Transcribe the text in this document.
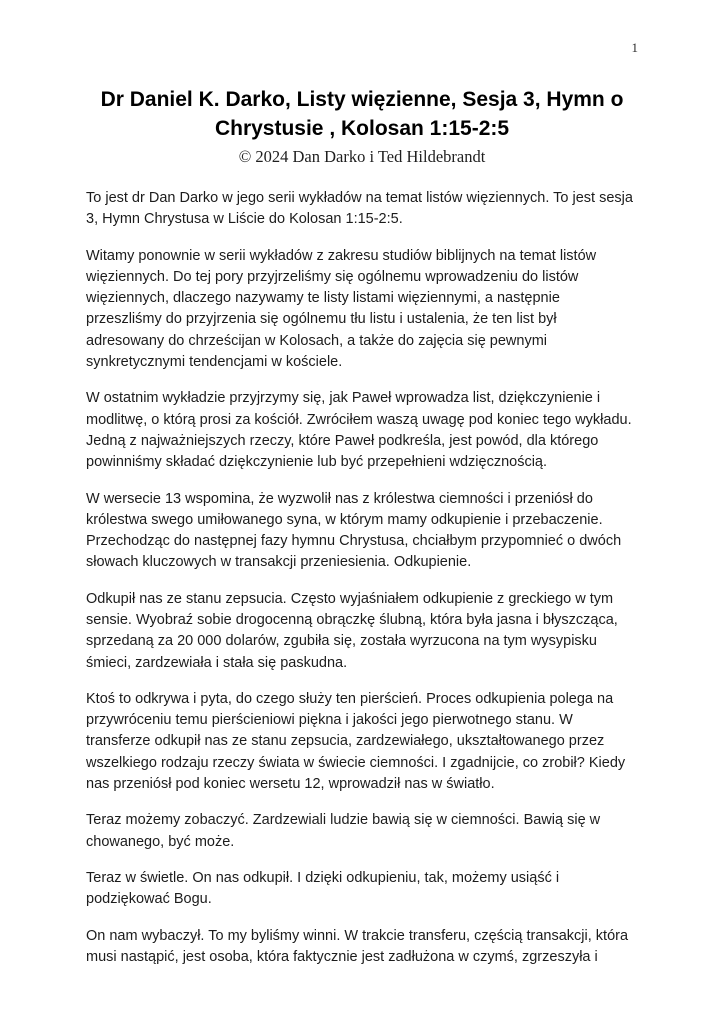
1
Dr Daniel K. Darko, Listy więzienne, Sesja 3, Hymn o Chrystusie , Kolosan 1:15-2:5
© 2024 Dan Darko i Ted Hildebrandt

To jest dr Dan Darko w jego serii wykładów na temat listów więziennych. To jest sesja 3, Hymn Chrystusa w Liście do Kolosan 1:15-2:5.

Witamy ponownie w serii wykładów z zakresu studiów biblijnych na temat listów więziennych. Do tej pory przyjrzeliśmy się ogólnemu wprowadzeniu do listów więziennych, dlaczego nazywamy te listy listami więziennymi, a następnie przeszliśmy do przyjrzenia się ogólnemu tłu listu i ustalenia, że ten list był adresowany do chrześcijan w Kolosach, a także do zajęcia się pewnymi synkretycznymi tendencjami w kościele.

W ostatnim wykładzie przyjrzymy się, jak Paweł wprowadza list, dziękczynienie i modlitwę, o którą prosi za kościół. Zwróciłem waszą uwagę pod koniec tego wykładu. Jedną z najważniejszych rzeczy, które Paweł podkreśla, jest powód, dla którego powinniśmy składać dziękczynienie lub być przepełnieni wdzięcznością.

W wersecie 13 wspomina, że wyzwolił nas z królestwa ciemności i przeniósł do królestwa swego umiłowanego syna, w którym mamy odkupienie i przebaczenie. Przechodząc do następnej fazy hymnu Chrystusa, chciałbym przypomnieć o dwóch słowach kluczowych w transakcji przeniesienia. Odkupienie.

Odkupił nas ze stanu zepsucia. Często wyjaśniałem odkupienie z greckiego w tym sensie. Wyobraź sobie drogocenną obrączkę ślubną, która była jasna i błyszcząca, sprzedaną za 20 000 dolarów, zgubiła się, została wyrzucona na tym wysypisku śmieci, zardzewiała i stała się paskudna.

Ktoś to odkrywa i pyta, do czego służy ten pierścień. Proces odkupienia polega na przywróceniu temu pierścieniowi piękna i jakości jego pierwotnego stanu. W transferze odkupił nas ze stanu zepsucia, zardzewiałego, ukształtowanego przez wszelkiego rodzaju rzeczy świata w świecie ciemności. I zgadnijcie, co zrobił? Kiedy nas przeniósł pod koniec wersetu 12, wprowadził nas w światło.

Teraz możemy zobaczyć. Zardzewiali ludzie bawią się w ciemności. Bawią się w chowanego, być może.

Teraz w świetle. On nas odkupił. I dzięki odkupieniu, tak, możemy usiąść i podziękować Bogu.

On nam wybaczył. To my byliśmy winni. W trakcie transferu, częścią transakcji, która musi nastąpić, jest osoba, która faktycznie jest zadłużona w czymś, zgrzeszyła i
